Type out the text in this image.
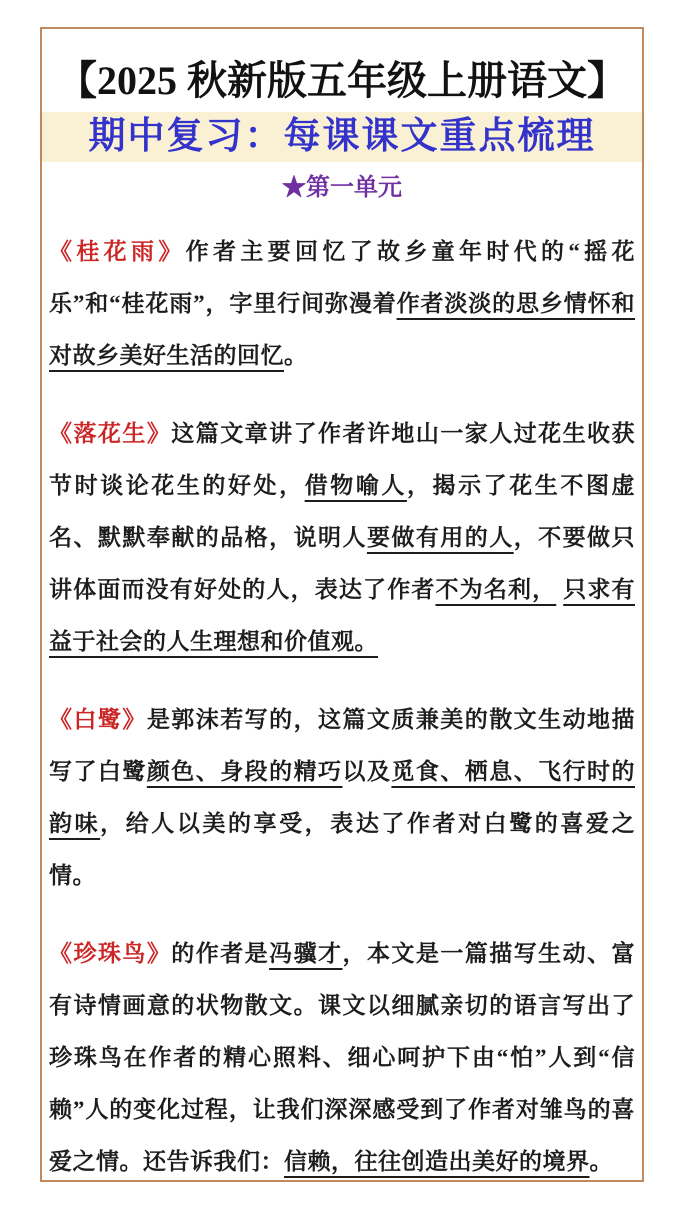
【2025 秋新版五年级上册语文】
期中复习：每课课文重点梳理
★第一单元

《桂花雨》作者主要回忆了故乡童年时代的“摇花乐”和“桂花雨”，字里行间弥漫着作者淡淡的思乡情怀和对故乡美好生活的回忆。

《落花生》这篇文章讲了作者许地山一家人过花生收获节时谈论花生的好处，借物喻人，揭示了花生不图虚名、默默奉献的品格，说明人要做有用的人，不要做只讲体面而没有好处的人，表达了作者不为名利， 只求有益于社会的人生理想和价值观。

《白鹭》是郭沫若写的，这篇文质兼美的散文生动地描写了白鹭颜色、身段的精巧以及觅食、栖息、飞行时的韵味，给人以美的享受，表达了作者对白鹭的喜爱之情。

《珍珠鸟》的作者是冯骥才，本文是一篇描写生动、富有诗情画意的状物散文。课文以细腻亲切的语言写出了珍珠鸟在作者的精心照料、细心呵护下由“怕”人到“信赖”人的变化过程，让我们深深感受到了作者对雏鸟的喜爱之情。还告诉我们：信赖，往往创造出美好的境界。
